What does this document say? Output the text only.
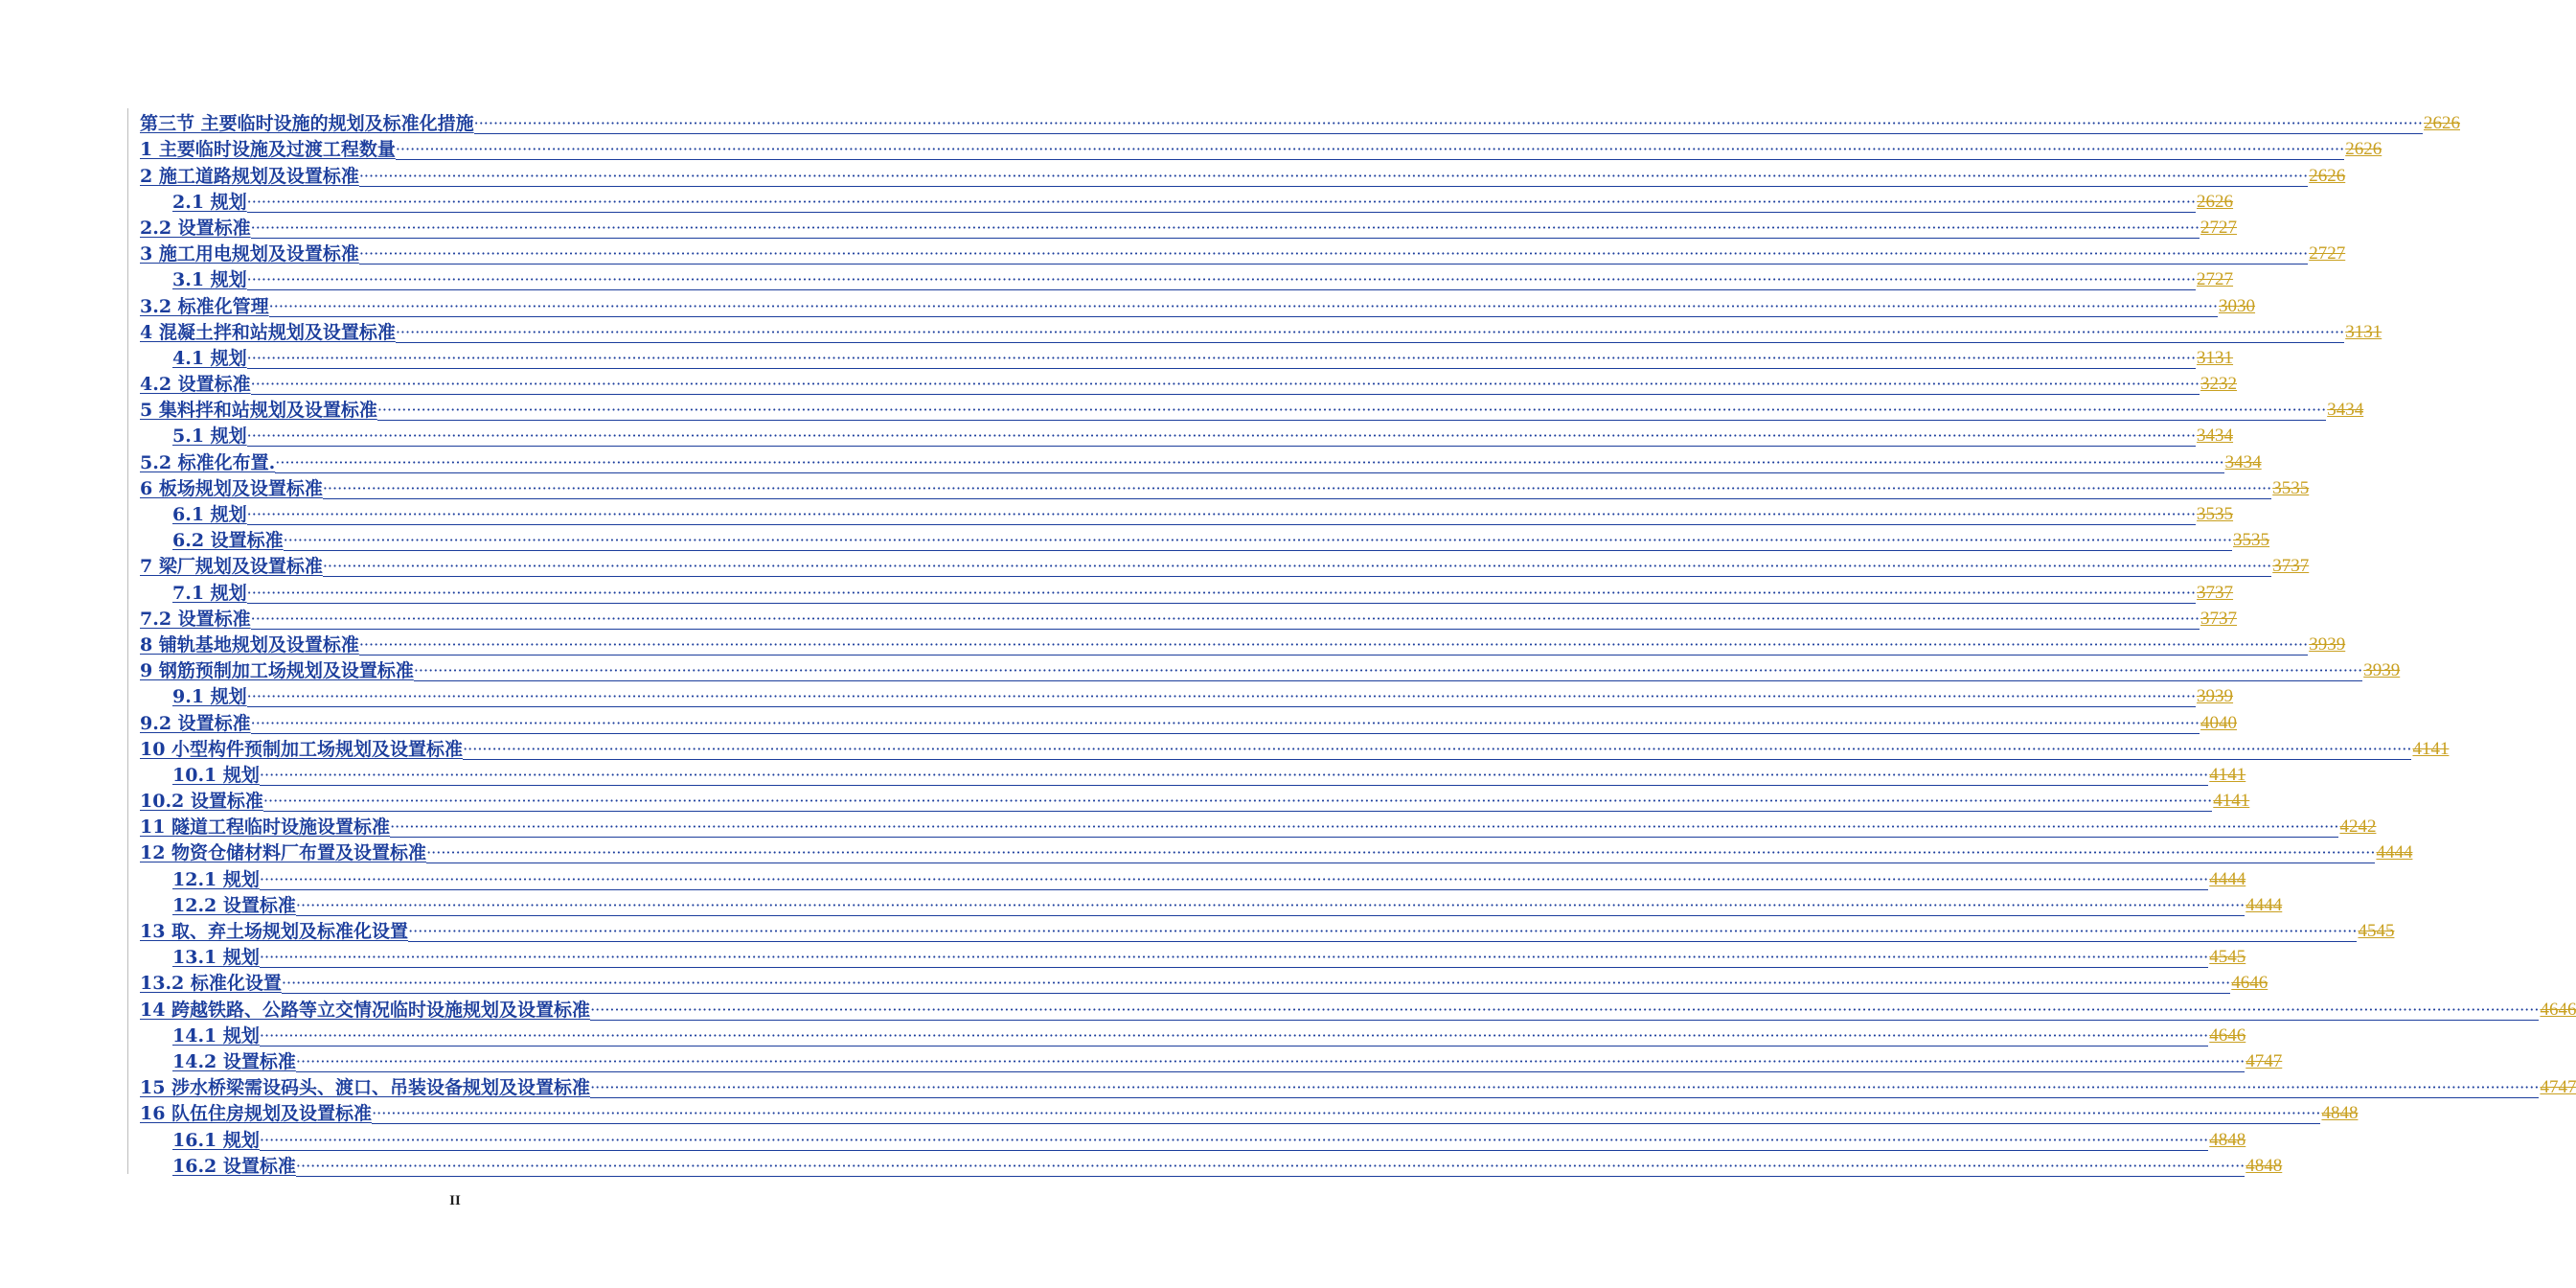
第三节 主要临时设施的规划及标准化措施 ················································································································································································································································································································································································································ 2626
1 主要临时设施及过渡工程数量 ················································································································································································································································································································································································································ 2626
2 施工道路规划及设置标准 ················································································································································································································································································································································································································ 2626
2.1 规划 ················································································································································································································································································································································································································ 2626
2.2 设置标准 ················································································································································································································································································································································································································ 2727
3 施工用电规划及设置标准 ················································································································································································································································································································································································································ 2727
3.1 规划 ················································································································································································································································································································································································································ 2727
3.2 标准化管理 ················································································································································································································································································································································································································ 3030
4 混凝土拌和站规划及设置标准 ················································································································································································································································································································································································································ 3131
4.1 规划 ················································································································································································································································································································································································································ 3131
4.2 设置标准 ················································································································································································································································································································································································································ 3232
5 集料拌和站规划及设置标准 ················································································································································································································································································································································································································ 3434
5.1 规划 ················································································································································································································································································································································································································ 3434
5.2 标准化布置. ················································································································································································································································································································································································································ 3434
6 板场规划及设置标准 ················································································································································································································································································································································································································ 3535
6.1 规划 ················································································································································································································································································································································································································ 3535
6.2 设置标准 ················································································································································································································································································································································································································ 3535
7 梁厂规划及设置标准 ················································································································································································································································································································································································································ 3737
7.1 规划 ················································································································································································································································································································································································································ 3737
7.2 设置标准 ················································································································································································································································································································································································································ 3737
8 铺轨基地规划及设置标准 ················································································································································································································································································································································································································ 3939
9 钢筋预制加工场规划及设置标准 ················································································································································································································································································································································································································ 3939
9.1 规划 ················································································································································································································································································································································································································ 3939
9.2 设置标准 ················································································································································································································································································································································································································ 4040
10 小型构件预制加工场规划及设置标准 ················································································································································································································································································································································································································ 4141
10.1 规划 ················································································································································································································································································································································································································ 4141
10.2 设置标准 ················································································································································································································································································································································································································ 4141
11 隧道工程临时设施设置标准 ················································································································································································································································································································································································································ 4242
12 物资仓储材料厂布置及设置标准 ················································································································································································································································································································································································································ 4444
12.1 规划 ················································································································································································································································································································································································································ 4444
12.2 设置标准 ················································································································································································································································································································································································································ 4444
13 取、弃土场规划及标准化设置 ················································································································································································································································································································································································································ 4545
13.1 规划 ················································································································································································································································································································································································································ 4545
13.2 标准化设置 ················································································································································································································································································································································································································ 4646
14 跨越铁路、公路等立交情况临时设施规划及设置标准 ················································································································································································································································································································································································································ 4646
14.1 规划 ················································································································································································································································································································································································································ 4646
14.2 设置标准 ················································································································································································································································································································································································································ 4747
15 涉水桥梁需设码头、渡口、吊装设备规划及设置标准 ················································································································································································································································································································································································································ 4747
16 队伍住房规划及设置标准 ················································································································································································································································································································································································································ 4848
16.1 规划 ················································································································································································································································································································································································································ 4848
16.2 设置标准 ················································································································································································································································································································································································································ 4848
II
